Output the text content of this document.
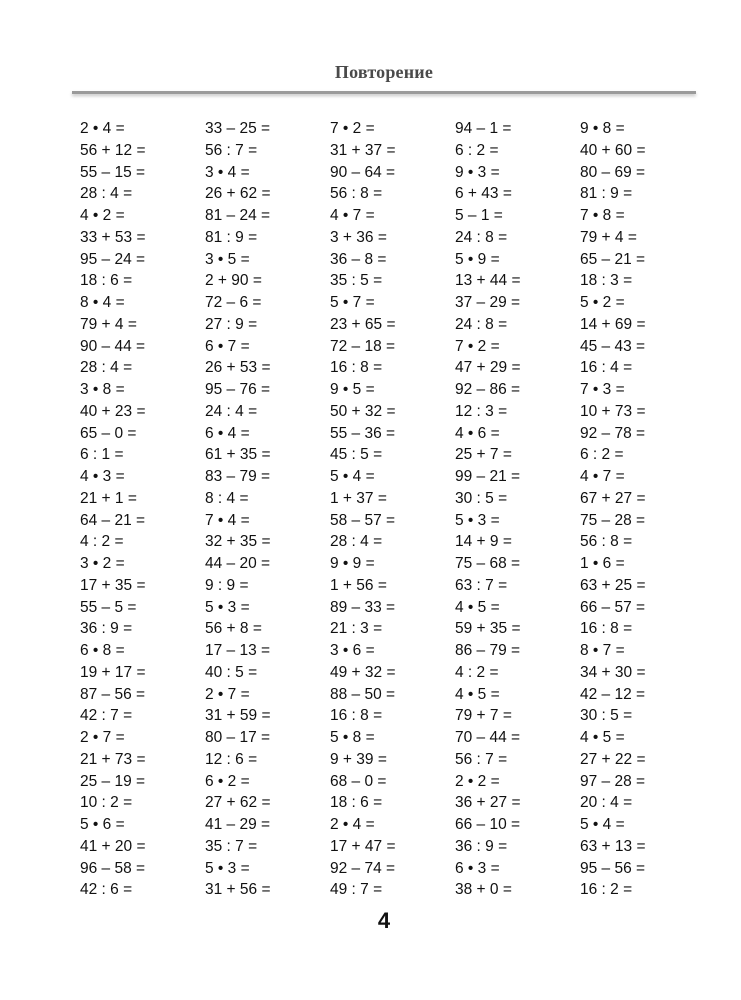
Повторение
2 • 4 =
56 + 12 =
55 – 15 =
28 : 4 =
4 • 2 =
33 + 53 =
95 – 24 =
18 : 6 =
8 • 4 =
79 + 4 =
90 – 44 =
28 : 4 =
3 • 8 =
40 + 23 =
65 – 0 =
6 : 1 =
4 • 3 =
21 + 1 =
64 – 21 =
4 : 2 =
3 • 2 =
17 + 35 =
55 – 5 =
36 : 9 =
6 • 8 =
19 + 17 =
87 – 56 =
42 : 7 =
2 • 7 =
21 + 73 =
25 – 19 =
10 : 2 =
5 • 6 =
41 + 20 =
96 – 58 =
42 : 6 =
33 – 25 =
56 : 7 =
3 • 4 =
26 + 62 =
81 – 24 =
81 : 9 =
3 • 5 =
2 + 90 =
72 – 6 =
27 : 9 =
6 • 7 =
26 + 53 =
95 – 76 =
24 : 4 =
6 • 4 =
61 + 35 =
83 – 79 =
8 : 4 =
7 • 4 =
32 + 35 =
44 – 20 =
9 : 9 =
5 • 3 =
56 + 8 =
17 – 13 =
40 : 5 =
2 • 7 =
31 + 59 =
80 – 17 =
12 : 6 =
6 • 2 =
27 + 62 =
41 – 29 =
35 : 7 =
5 • 3 =
31 + 56 =
7 • 2 =
31 + 37 =
90 – 64 =
56 : 8 =
4 • 7 =
3 + 36 =
36 – 8 =
35 : 5 =
5 • 7 =
23 + 65 =
72 – 18 =
16 : 8 =
9 • 5 =
50 + 32 =
55 – 36 =
45 : 5 =
5 • 4 =
1 + 37 =
58 – 57 =
28 : 4 =
9 • 9 =
1 + 56 =
89 – 33 =
21 : 3 =
3 • 6 =
49 + 32 =
88 – 50 =
16 : 8 =
5 • 8 =
9 + 39 =
68 – 0 =
18 : 6 =
2 • 4 =
17 + 47 =
92 – 74 =
49 : 7 =
94 – 1 =
6 : 2 =
9 • 3 =
6 + 43 =
5 – 1 =
24 : 8 =
5 • 9 =
13 + 44 =
37 – 29 =
24 : 8 =
7 • 2 =
47 + 29 =
92 – 86 =
12 : 3 =
4 • 6 =
25 + 7 =
99 – 21 =
30 : 5 =
5 • 3 =
14 + 9 =
75 – 68 =
63 : 7 =
4 • 5 =
59 + 35 =
86 – 79 =
4 : 2 =
4 • 5 =
79 + 7 =
70 – 44 =
56 : 7 =
2 • 2 =
36 + 27 =
66 – 10 =
36 : 9 =
6 • 3 =
38 + 0 =
9 • 8 =
40 + 60 =
80 – 69 =
81 : 9 =
7 • 8 =
79 + 4 =
65 – 21 =
18 : 3 =
5 • 2 =
14 + 69 =
45 – 43 =
16 : 4 =
7 • 3 =
10 + 73 =
92 – 78 =
6 : 2 =
4 • 7 =
67 + 27 =
75 – 28 =
56 : 8 =
1 • 6 =
63 + 25 =
66 – 57 =
16 : 8 =
8 • 7 =
34 + 30 =
42 – 12 =
30 : 5 =
4 • 5 =
27 + 22 =
97 – 28 =
20 : 4 =
5 • 4 =
63 + 13 =
95 – 56 =
16 : 2 =
4
